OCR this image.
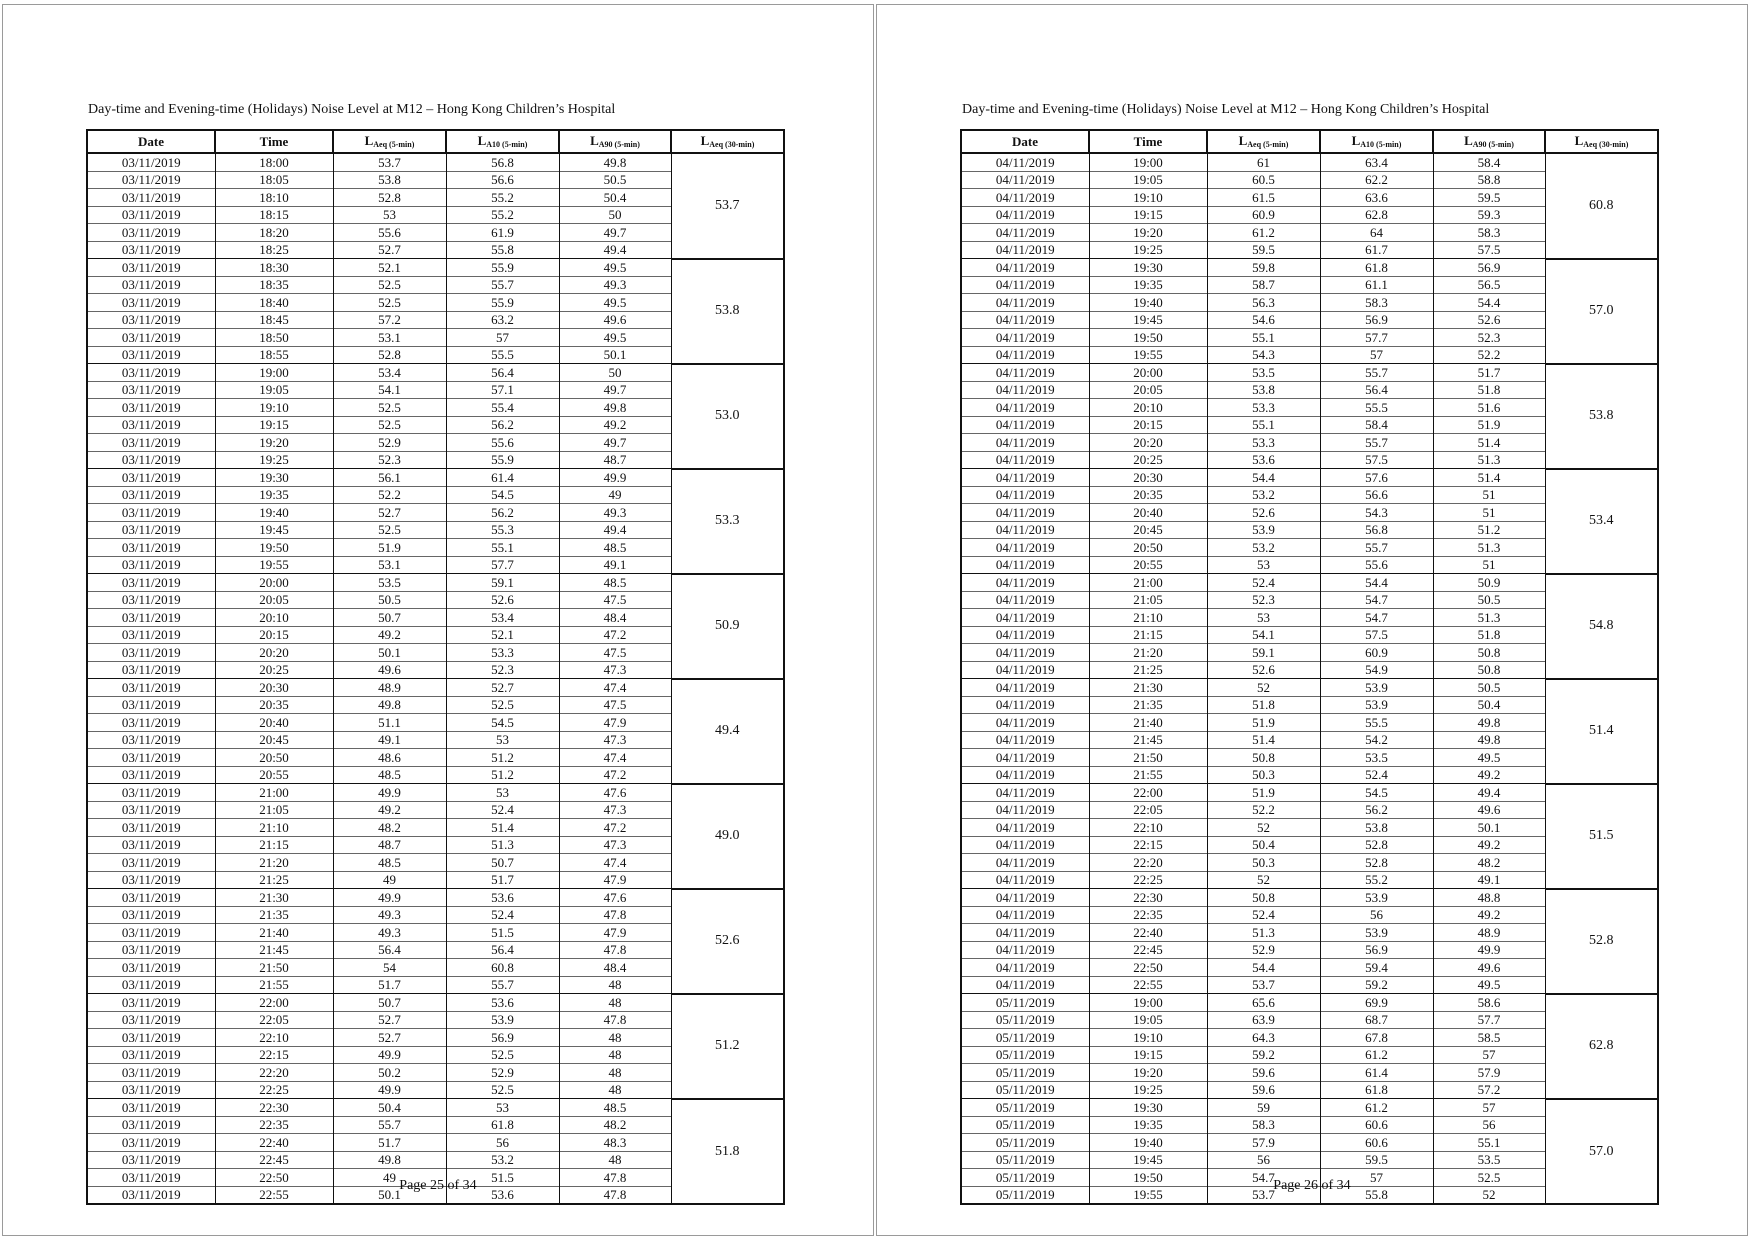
Day-time and Evening-time (Holidays) Noise Level at M12 – Hong Kong Children’s Hospital
Date	Time	LAeq (5-min)	LA10 (5-min)	LA90 (5-min)	LAeq (30-min)
03/11/2019	18:00	53.7	56.8	49.8	53.7
03/11/2019	18:05	53.8	56.6	50.5	
03/11/2019	18:10	52.8	55.2	50.4	
03/11/2019	18:15	53	55.2	50	
03/11/2019	18:20	55.6	61.9	49.7	
03/11/2019	18:25	52.7	55.8	49.4	
03/11/2019	18:30	52.1	55.9	49.5	53.8
03/11/2019	18:35	52.5	55.7	49.3	
03/11/2019	18:40	52.5	55.9	49.5	
03/11/2019	18:45	57.2	63.2	49.6	
03/11/2019	18:50	53.1	57	49.5	
03/11/2019	18:55	52.8	55.5	50.1	
03/11/2019	19:00	53.4	56.4	50	53.0
03/11/2019	19:05	54.1	57.1	49.7	
03/11/2019	19:10	52.5	55.4	49.8	
03/11/2019	19:15	52.5	56.2	49.2	
03/11/2019	19:20	52.9	55.6	49.7	
03/11/2019	19:25	52.3	55.9	48.7	
03/11/2019	19:30	56.1	61.4	49.9	53.3
03/11/2019	19:35	52.2	54.5	49	
03/11/2019	19:40	52.7	56.2	49.3	
03/11/2019	19:45	52.5	55.3	49.4	
03/11/2019	19:50	51.9	55.1	48.5	
03/11/2019	19:55	53.1	57.7	49.1	
03/11/2019	20:00	53.5	59.1	48.5	50.9
03/11/2019	20:05	50.5	52.6	47.5	
03/11/2019	20:10	50.7	53.4	48.4	
03/11/2019	20:15	49.2	52.1	47.2	
03/11/2019	20:20	50.1	53.3	47.5	
03/11/2019	20:25	49.6	52.3	47.3	
03/11/2019	20:30	48.9	52.7	47.4	49.4
03/11/2019	20:35	49.8	52.5	47.5	
03/11/2019	20:40	51.1	54.5	47.9	
03/11/2019	20:45	49.1	53	47.3	
03/11/2019	20:50	48.6	51.2	47.4	
03/11/2019	20:55	48.5	51.2	47.2	
03/11/2019	21:00	49.9	53	47.6	49.0
03/11/2019	21:05	49.2	52.4	47.3	
03/11/2019	21:10	48.2	51.4	47.2	
03/11/2019	21:15	48.7	51.3	47.3	
03/11/2019	21:20	48.5	50.7	47.4	
03/11/2019	21:25	49	51.7	47.9	
03/11/2019	21:30	49.9	53.6	47.6	52.6
03/11/2019	21:35	49.3	52.4	47.8	
03/11/2019	21:40	49.3	51.5	47.9	
03/11/2019	21:45	56.4	56.4	47.8	
03/11/2019	21:50	54	60.8	48.4	
03/11/2019	21:55	51.7	55.7	48	
03/11/2019	22:00	50.7	53.6	48	51.2
03/11/2019	22:05	52.7	53.9	47.8	
03/11/2019	22:10	52.7	56.9	48	
03/11/2019	22:15	49.9	52.5	48	
03/11/2019	22:20	50.2	52.9	48	
03/11/2019	22:25	49.9	52.5	48	
03/11/2019	22:30	50.4	53	48.5	51.8
03/11/2019	22:35	55.7	61.8	48.2	
03/11/2019	22:40	51.7	56	48.3	
03/11/2019	22:45	49.8	53.2	48	
03/11/2019	22:50	49	51.5	47.8	
03/11/2019	22:55	50.1	53.6	47.8	
Page 25 of 34
Day-time and Evening-time (Holidays) Noise Level at M12 – Hong Kong Children’s Hospital
Date	Time	LAeq (5-min)	LA10 (5-min)	LA90 (5-min)	LAeq (30-min)
04/11/2019	19:00	61	63.4	58.4	60.8
04/11/2019	19:05	60.5	62.2	58.8	
04/11/2019	19:10	61.5	63.6	59.5	
04/11/2019	19:15	60.9	62.8	59.3	
04/11/2019	19:20	61.2	64	58.3	
04/11/2019	19:25	59.5	61.7	57.5	
04/11/2019	19:30	59.8	61.8	56.9	57.0
04/11/2019	19:35	58.7	61.1	56.5	
04/11/2019	19:40	56.3	58.3	54.4	
04/11/2019	19:45	54.6	56.9	52.6	
04/11/2019	19:50	55.1	57.7	52.3	
04/11/2019	19:55	54.3	57	52.2	
04/11/2019	20:00	53.5	55.7	51.7	53.8
04/11/2019	20:05	53.8	56.4	51.8	
04/11/2019	20:10	53.3	55.5	51.6	
04/11/2019	20:15	55.1	58.4	51.9	
04/11/2019	20:20	53.3	55.7	51.4	
04/11/2019	20:25	53.6	57.5	51.3	
04/11/2019	20:30	54.4	57.6	51.4	53.4
04/11/2019	20:35	53.2	56.6	51	
04/11/2019	20:40	52.6	54.3	51	
04/11/2019	20:45	53.9	56.8	51.2	
04/11/2019	20:50	53.2	55.7	51.3	
04/11/2019	20:55	53	55.6	51	
04/11/2019	21:00	52.4	54.4	50.9	54.8
04/11/2019	21:05	52.3	54.7	50.5	
04/11/2019	21:10	53	54.7	51.3	
04/11/2019	21:15	54.1	57.5	51.8	
04/11/2019	21:20	59.1	60.9	50.8	
04/11/2019	21:25	52.6	54.9	50.8	
04/11/2019	21:30	52	53.9	50.5	51.4
04/11/2019	21:35	51.8	53.9	50.4	
04/11/2019	21:40	51.9	55.5	49.8	
04/11/2019	21:45	51.4	54.2	49.8	
04/11/2019	21:50	50.8	53.5	49.5	
04/11/2019	21:55	50.3	52.4	49.2	
04/11/2019	22:00	51.9	54.5	49.4	51.5
04/11/2019	22:05	52.2	56.2	49.6	
04/11/2019	22:10	52	53.8	50.1	
04/11/2019	22:15	50.4	52.8	49.2	
04/11/2019	22:20	50.3	52.8	48.2	
04/11/2019	22:25	52	55.2	49.1	
04/11/2019	22:30	50.8	53.9	48.8	52.8
04/11/2019	22:35	52.4	56	49.2	
04/11/2019	22:40	51.3	53.9	48.9	
04/11/2019	22:45	52.9	56.9	49.9	
04/11/2019	22:50	54.4	59.4	49.6	
04/11/2019	22:55	53.7	59.2	49.5	
05/11/2019	19:00	65.6	69.9	58.6	62.8
05/11/2019	19:05	63.9	68.7	57.7	
05/11/2019	19:10	64.3	67.8	58.5	
05/11/2019	19:15	59.2	61.2	57	
05/11/2019	19:20	59.6	61.4	57.9	
05/11/2019	19:25	59.6	61.8	57.2	
05/11/2019	19:30	59	61.2	57	57.0
05/11/2019	19:35	58.3	60.6	56	
05/11/2019	19:40	57.9	60.6	55.1	
05/11/2019	19:45	56	59.5	53.5	
05/11/2019	19:50	54.7	57	52.5	
05/11/2019	19:55	53.7	55.8	52	
Page 26 of 34
